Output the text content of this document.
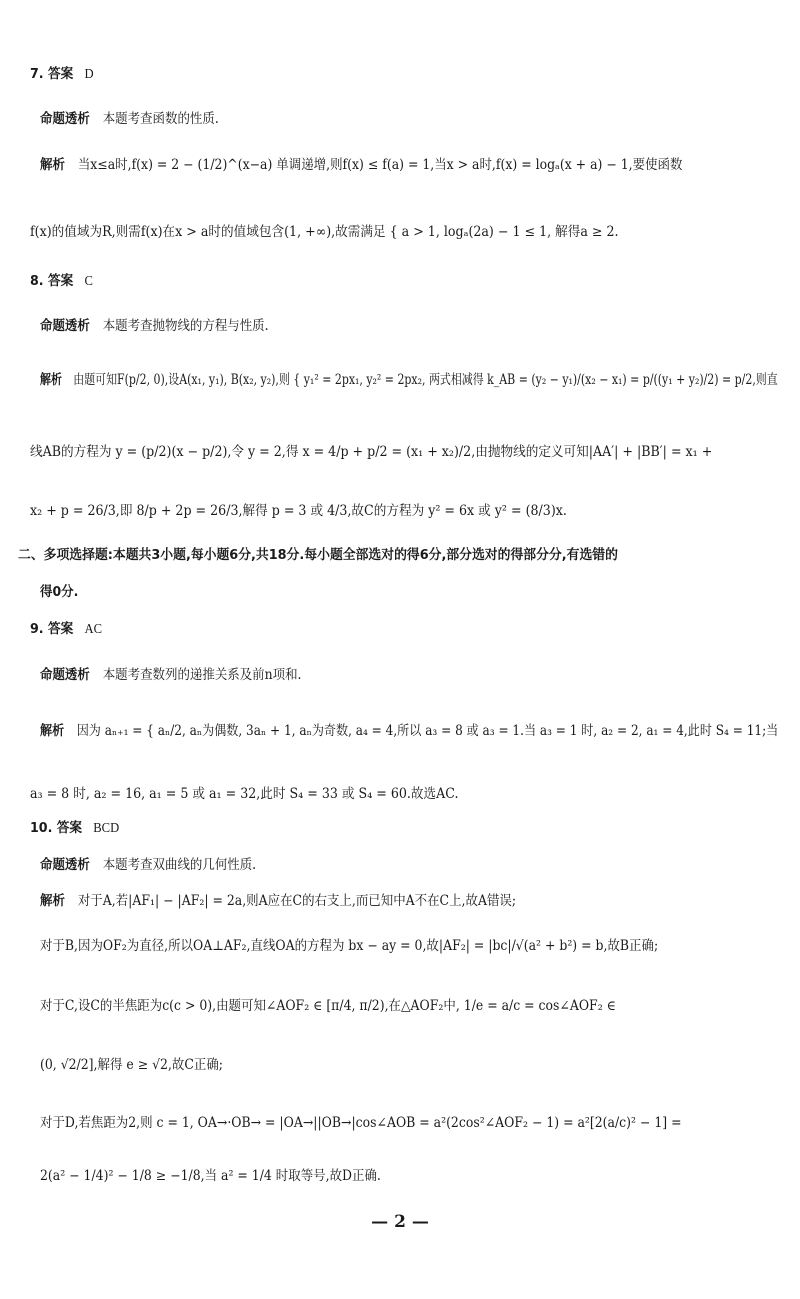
7. 答案 D
命题透析 本题考查函数的性质.
解析 当x≤a时,f(x) = 2 − (1/2)^(x−a) 单调递增,则f(x) ≤ f(a) = 1,当x > a时,f(x) = logₐ(x + a) − 1,要使函数
f(x)的值域为R,则需f(x)在x > a时的值域包含(1, +∞),故需满足 { a > 1, logₐ(2a) − 1 ≤ 1, 解得a ≥ 2.
8. 答案 C
命题透析 本题考查抛物线的方程与性质.
解析 由题可知F(p/2, 0),设A(x₁, y₁), B(x₂, y₂),则 { y₁² = 2px₁, y₂² = 2px₂, 两式相减得 k_AB = (y₂ − y₁)/(x₂ − x₁) = p/((y₁ + y₂)/2) = p/2,则直
线AB的方程为 y = (p/2)(x − p/2),令 y = 2,得 x = 4/p + p/2 = (x₁ + x₂)/2,由抛物线的定义可知|AA′| + |BB′| = x₁ +
x₂ + p = 26/3,即 8/p + 2p = 26/3,解得 p = 3 或 4/3,故C的方程为 y² = 6x 或 y² = (8/3)x.
二、多项选择题:本题共3小题,每小题6分,共18分.每小题全部选对的得6分,部分选对的得部分分,有选错的
得0分.
9. 答案 AC
命题透析 本题考查数列的递推关系及前n项和.
解析 因为 aₙ₊₁ = { aₙ/2, aₙ为偶数, 3aₙ + 1, aₙ为奇数, a₄ = 4,所以 a₃ = 8 或 a₃ = 1.当 a₃ = 1 时, a₂ = 2, a₁ = 4,此时 S₄ = 11;当
a₃ = 8 时, a₂ = 16, a₁ = 5 或 a₁ = 32,此时 S₄ = 33 或 S₄ = 60.故选AC.
10. 答案 BCD
命题透析 本题考查双曲线的几何性质.
解析 对于A,若|AF₁| − |AF₂| = 2a,则A应在C的右支上,而已知中A不在C上,故A错误;
对于B,因为OF₂为直径,所以OA⊥AF₂,直线OA的方程为 bx − ay = 0,故|AF₂| = |bc|/√(a² + b²) = b,故B正确;
对于C,设C的半焦距为c(c > 0),由题可知∠AOF₂ ∈ [π/4, π/2),在△AOF₂中, 1/e = a/c = cos∠AOF₂ ∈
(0, √2/2],解得 e ≥ √2,故C正确;
对于D,若焦距为2,则 c = 1, OA→·OB→ = |OA→||OB→|cos∠AOB = a²(2cos²∠AOF₂ − 1) = a²[2(a/c)² − 1] =
2(a² − 1/4)² − 1/8 ≥ −1/8,当 a² = 1/4 时取等号,故D正确.
— 2 —
